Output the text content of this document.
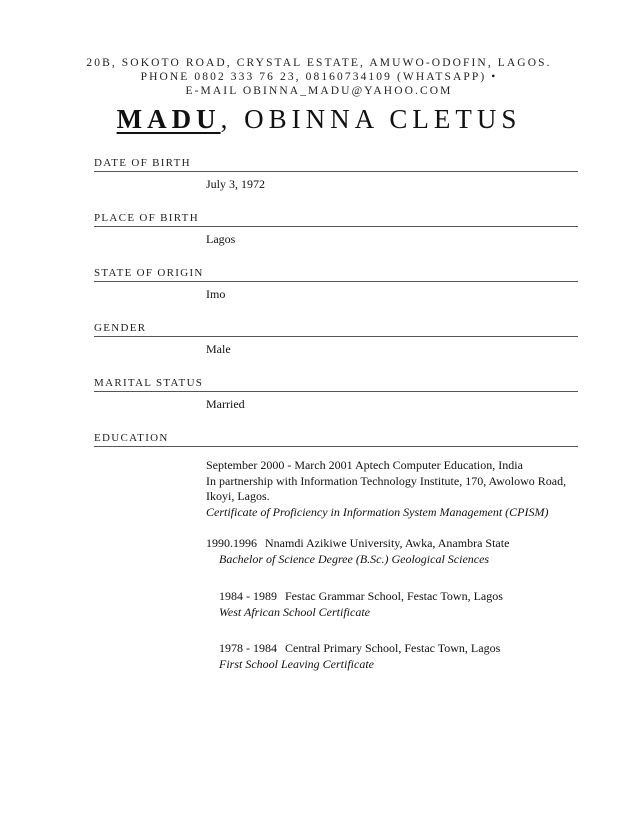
20B, SOKOTO ROAD, CRYSTAL ESTATE, AMUWO-ODOFIN, LAGOS.
PHONE 0802 333 76 23, 08160734109 (WHATSAPP) •
E-MAIL OBINNA_MADU@YAHOO.COM
MADU, OBINNA CLETUS
DATE OF BIRTH
July 3, 1972
PLACE OF BIRTH
Lagos
STATE OF ORIGIN
Imo
GENDER
Male
MARITAL STATUS
Married
EDUCATION
September 2000 - March 2001 Aptech Computer Education, India
In partnership with Information Technology Institute, 170, Awolowo Road,
Ikoyi, Lagos.
Certificate of Proficiency in Information System Management (CPISM)
1990.1996 Nnamdi Azikiwe University, Awka, Anambra State
Bachelor of Science Degree (B.Sc.) Geological Sciences
1984 - 1989 Festac Grammar School, Festac Town, Lagos
West African School Certificate
1978 - 1984 Central Primary School, Festac Town, Lagos
First School Leaving Certificate
